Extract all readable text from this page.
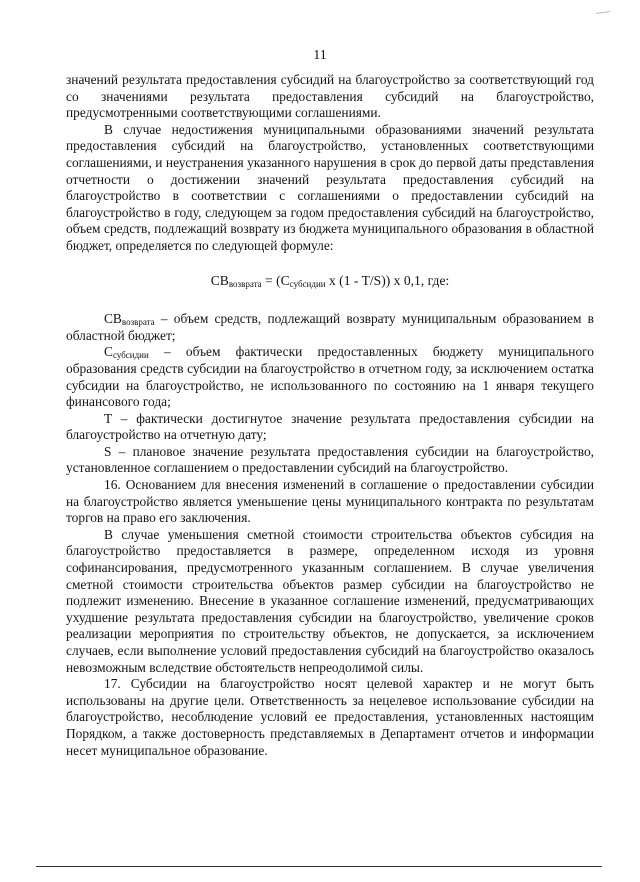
11

значений результата предоставления субсидий на благоустройство за соответствующий год со значениями результата предоставления субсидий на благоустройство, предусмотренными соответствующими соглашениями.

В случае недостижения муниципальными образованиями значений результата предоставления субсидий на благоустройство, установленных соответствующими соглашениями, и неустранения указанного нарушения в срок до первой даты представления отчетности о достижении значений результата предоставления субсидий на благоустройство в соответствии с соглашениями о предоставлении субсидий на благоустройство в году, следующем за годом предоставления субсидий на благоустройство, объем средств, подлежащий возврату из бюджета муниципального образования в областной бюджет, определяется по следующей формуле:

$СВ_{возврата} = (С_{субсидии}$ x (1 - T/S)) x 0,1, где:

$СВ_{возврата}$ – объем средств, подлежащий возврату муниципальным образованием в областной бюджет;

$С_{субсидии}$ – объем фактически предоставленных бюджету муниципального образования средств субсидии на благоустройство в отчетном году, за исключением остатка субсидии на благоустройство, не использованного по состоянию на 1 января текущего финансового года;

T – фактически достигнутое значение результата предоставления субсидии на благоустройство на отчетную дату;

S – плановое значение результата предоставления субсидии на благоустройство, установленное соглашением о предоставлении субсидий на благоустройство.

16. Основанием для внесения изменений в соглашение о предоставлении субсидии на благоустройство является уменьшение цены муниципального контракта по результатам торгов на право его заключения.

В случае уменьшения сметной стоимости строительства объектов субсидия на благоустройство предоставляется в размере, определенном исходя из уровня софинансирования, предусмотренного указанным соглашением. В случае увеличения сметной стоимости строительства объектов размер субсидии на благоустройство не подлежит изменению. Внесение в указанное соглашение изменений, предусматривающих ухудшение результата предоставления субсидии на благоустройство, увеличение сроков реализации мероприятия по строительству объектов, не допускается, за исключением случаев, если выполнение условий предоставления субсидий на благоустройство оказалось невозможным вследствие обстоятельств непреодолимой силы.

17. Субсидии на благоустройство носят целевой характер и не могут быть использованы на другие цели. Ответственность за нецелевое использование субсидии на благоустройство, несоблюдение условий ее предоставления, установленных настоящим Порядком, а также достоверность представляемых в Департамент отчетов и информации несет муниципальное образование.
